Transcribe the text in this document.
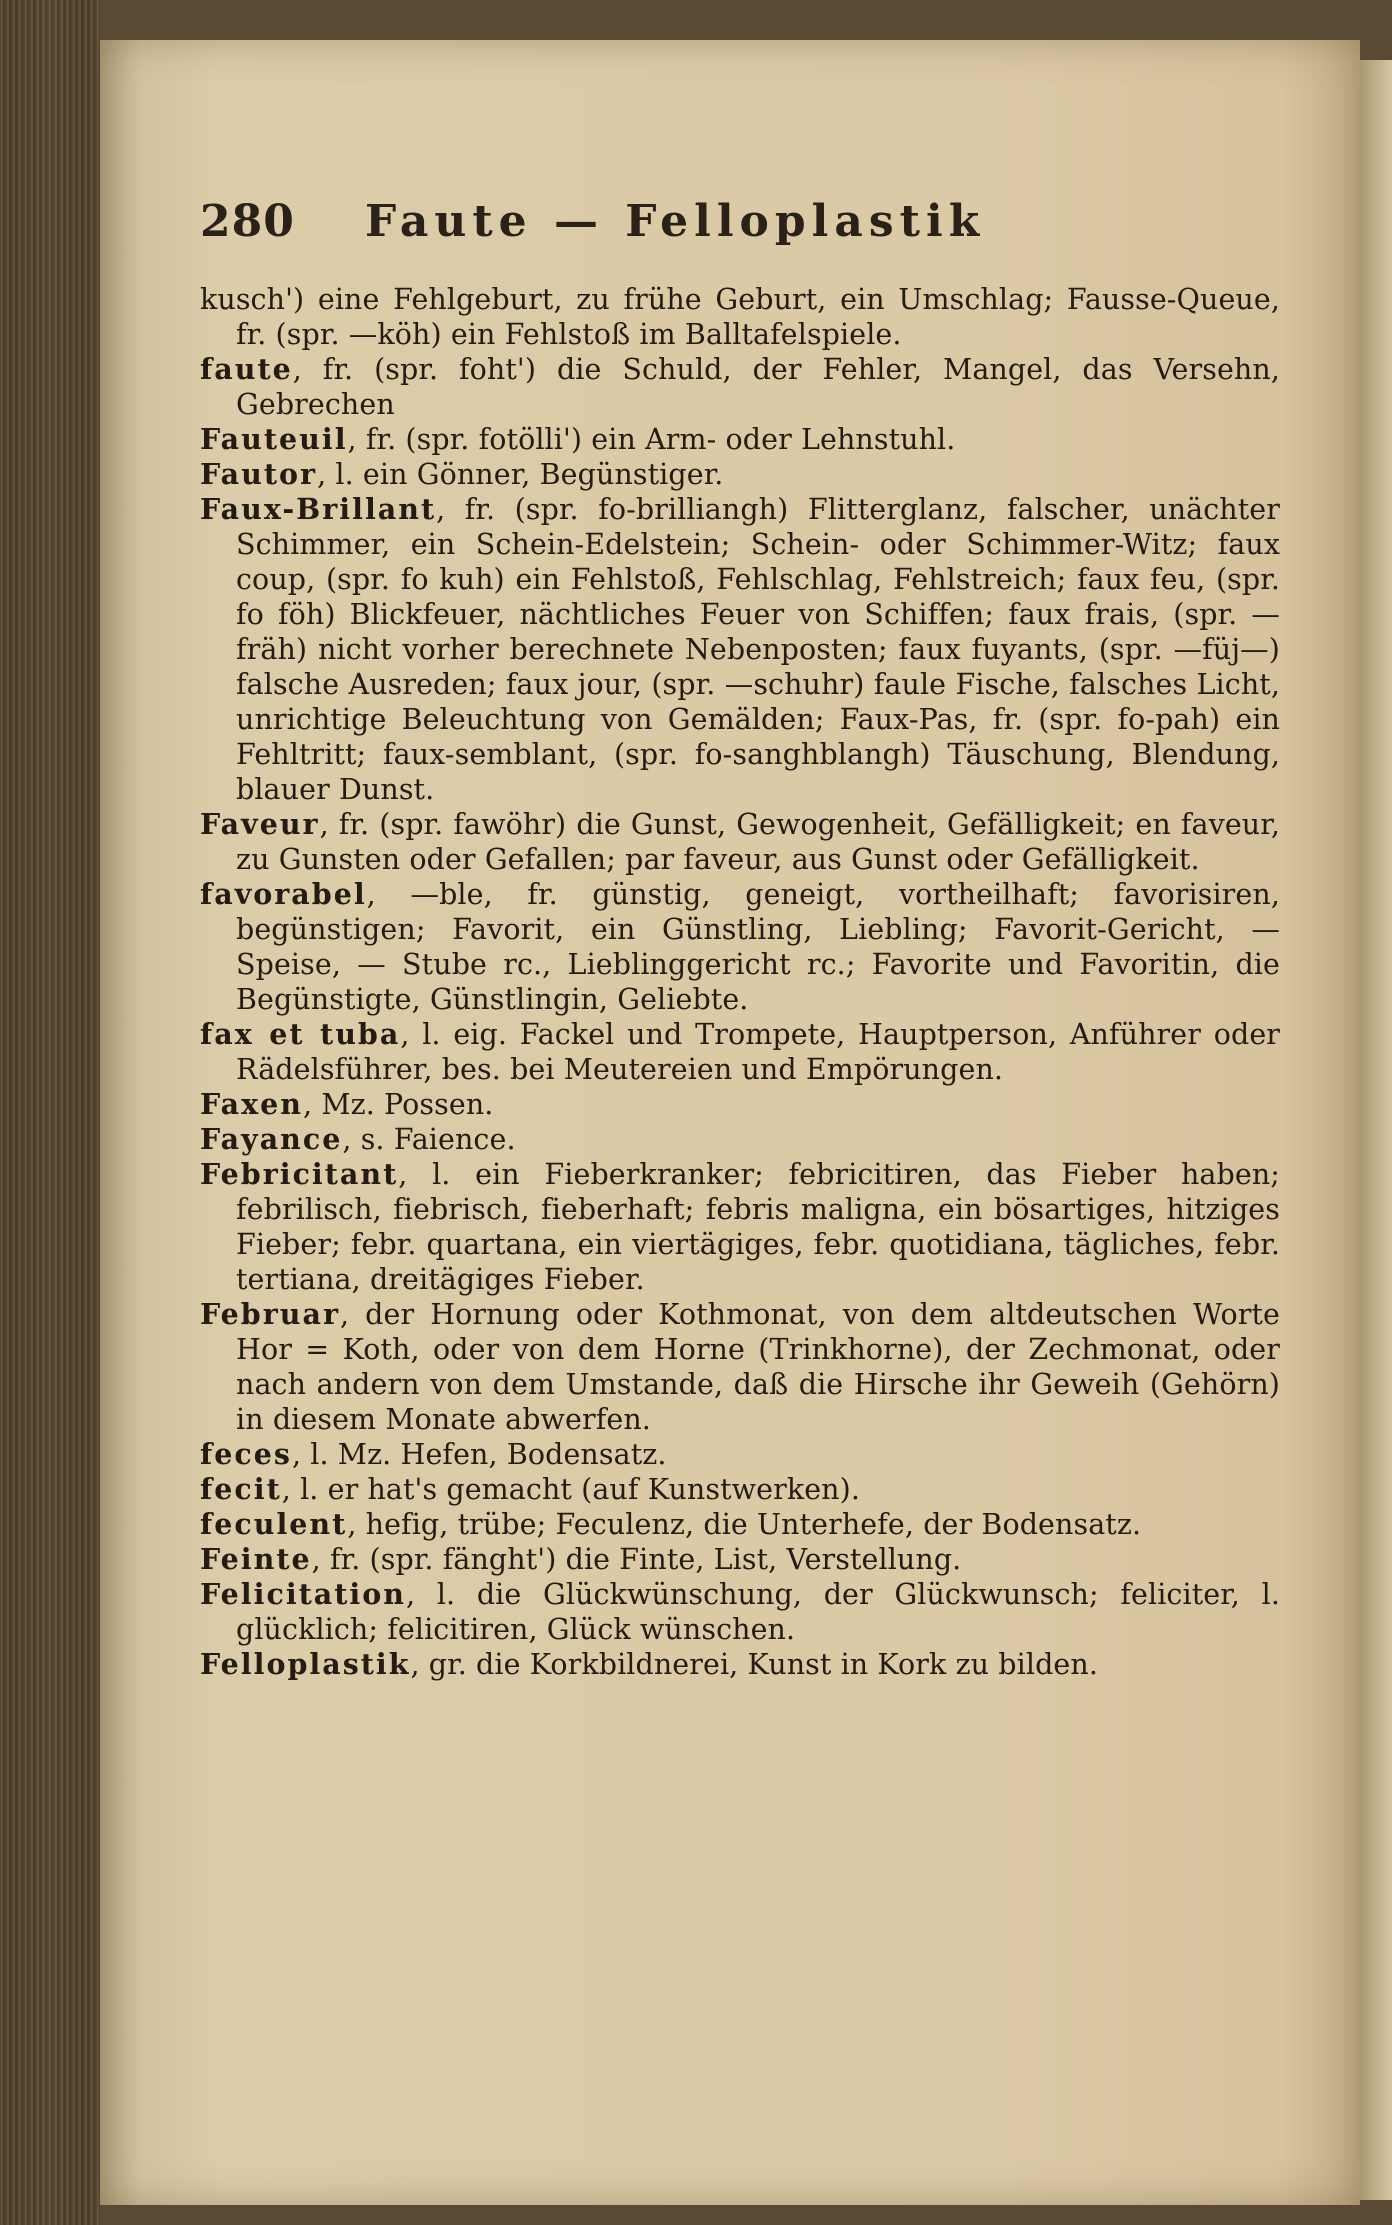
280 Faute — Felloplastik

kusch') eine Fehlgeburt, zu frühe Geburt, ein Umschlag; Fausse-Queue, fr. (spr. —köh) ein Fehlstoß im Balltafelspiele.

faute, fr. (spr. foht') die Schuld, der Fehler, Mangel, das Versehn, Gebrechen

Fauteuil, fr. (spr. fotölli') ein Arm- oder Lehnstuhl.

Fautor, l. ein Gönner, Begünstiger.

Faux-Brillant, fr. (spr. fo-brilliangh) Flitterglanz, falscher, unächter Schimmer, ein Schein-Edelstein; Schein- oder Schimmer-Witz; faux coup, (spr. fo kuh) ein Fehlstoß, Fehlschlag, Fehlstreich; faux feu, (spr. fo föh) Blickfeuer, nächtliches Feuer von Schiffen; faux frais, (spr. —fräh) nicht vorher berechnete Nebenposten; faux fuyants, (spr. —füj—) falsche Ausreden; faux jour, (spr. —schuhr) faule Fische, falsches Licht, unrichtige Beleuchtung von Gemälden; Faux-Pas, fr. (spr. fo-pah) ein Fehltritt; faux-semblant, (spr. fo-sanghblangh) Täuschung, Blendung, blauer Dunst.

Faveur, fr. (spr. fawöhr) die Gunst, Gewogenheit, Gefälligkeit; en faveur, zu Gunsten oder Gefallen; par faveur, aus Gunst oder Gefälligkeit.

favorabel, —ble, fr. günstig, geneigt, vortheilhaft; favorisiren, begünstigen; Favorit, ein Günstling, Liebling; Favorit-Gericht, — Speise, — Stube rc., Lieblinggericht rc.; Favorite und Favoritin, die Begünstigte, Günstlingin, Geliebte.

fax et tuba, l. eig. Fackel und Trompete, Hauptperson, Anführer oder Rädelsführer, bes. bei Meutereien und Empörungen.

Faxen, Mz. Possen.

Fayance, s. Faience.

Febricitant, l. ein Fieberkranker; febricitiren, das Fieber haben; febrilisch, fiebrisch, fieberhaft; febris maligna, ein bösartiges, hitziges Fieber; febr. quartana, ein viertägiges, febr. quotidiana, tägliches, febr. tertiana, dreitägiges Fieber.

Februar, der Hornung oder Kothmonat, von dem altdeutschen Worte Hor = Koth, oder von dem Horne (Trinkhorne), der Zechmonat, oder nach andern von dem Umstande, daß die Hirsche ihr Geweih (Gehörn) in diesem Monate abwerfen.

feces, l. Mz. Hefen, Bodensatz.

fecit, l. er hat's gemacht (auf Kunstwerken).

feculent, hefig, trübe; Feculenz, die Unterhefe, der Bodensatz.

Feinte, fr. (spr. fänght') die Finte, List, Verstellung.

Felicitation, l. die Glückwünschung, der Glückwunsch; feliciter, l. glücklich; felicitiren, Glück wünschen.

Felloplastik, gr. die Korkbildnerei, Kunst in Kork zu bilden.
